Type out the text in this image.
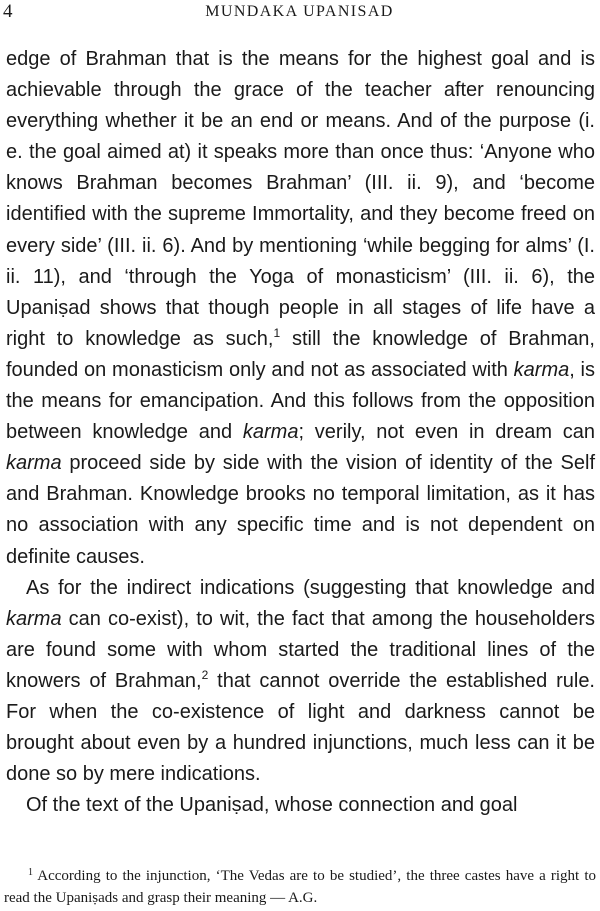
4	MUNDAKA UPANISAD

edge of Brahman that is the means for the highest goal and is achievable through the grace of the teacher after renouncing everything whether it be an end or means. And of the purpose (i. e. the goal aimed at) it speaks more than once thus: ‘Anyone who knows Brahman becomes Brahman’ (III. ii. 9), and ‘become identified with the supreme Immortality, and they become freed on every side’ (III. ii. 6). And by mentioning ‘while begging for alms’ (I. ii. 11), and ‘through the Yoga of monasticism’ (III. ii. 6), the Upaniṣad shows that though people in all stages of life have a right to knowledge as such,$^1$ still the knowledge of Brahman, founded on monasticism only and not as associated with karma, is the means for emancipation. And this follows from the opposition between knowledge and karma; verily, not even in dream can karma proceed side by side with the vision of identity of the Self and Brahman. Knowledge brooks no temporal limitation, as it has no association with any specific time and is not dependent on definite causes.

As for the indirect indications (suggesting that knowledge and karma can co-exist), to wit, the fact that among the householders are found some with whom started the traditional lines of the knowers of Brahman,$^2$ that cannot override the established rule. For when the co-existence of light and darkness cannot be brought about even by a hundred injunctions, much less can it be done so by mere indications.

Of the text of the Upaniṣad, whose connection and goal

$^1$ According to the injunction, ‘The Vedas are to be studied’, the three castes have a right to read the Upaniṣads and grasp their meaning — A.G.
